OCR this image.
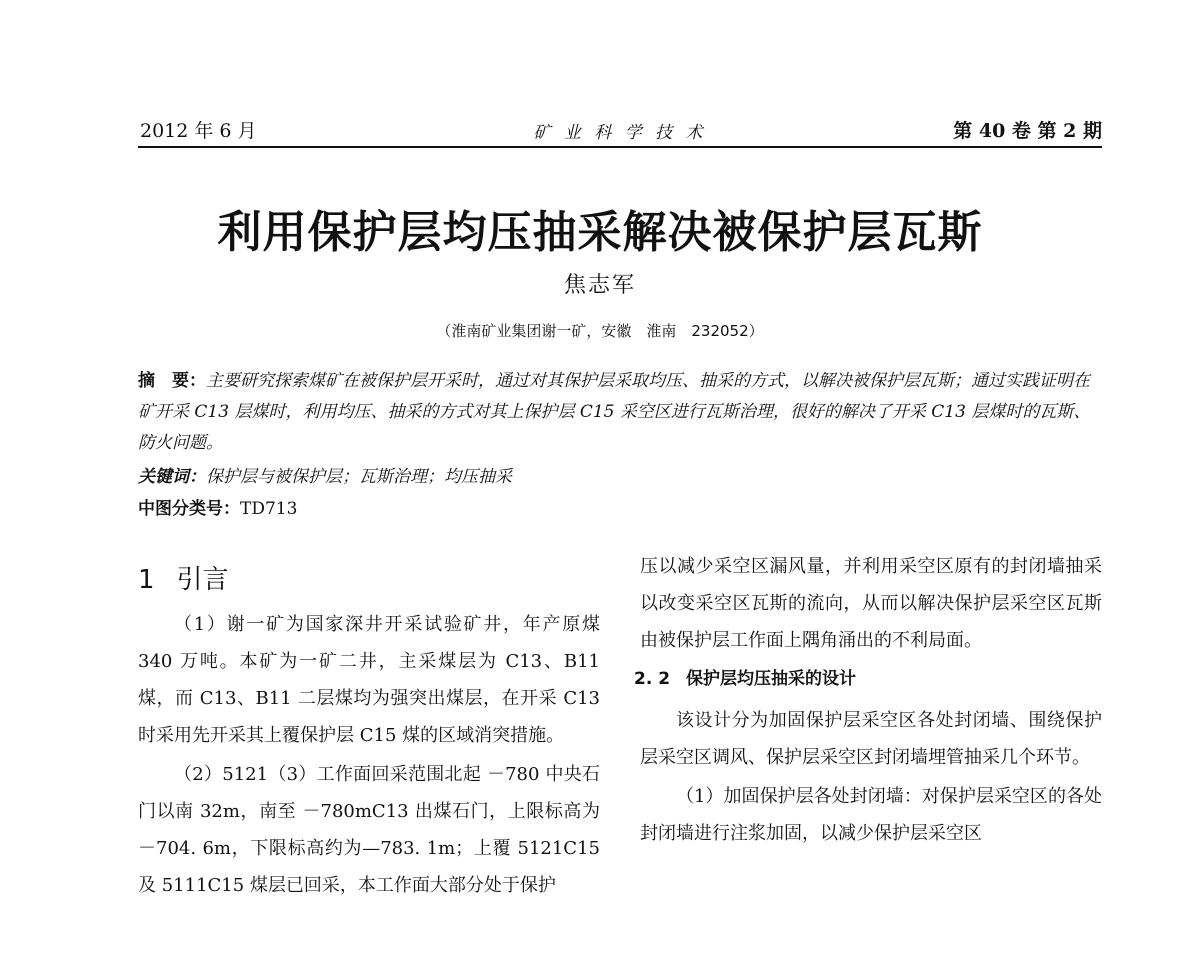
2012 年 6 月	矿 业 科 学 技 术	第 40 卷 第 2 期
利用保护层均压抽采解决被保护层瓦斯
焦志军
（淮南矿业集团谢一矿，安徽　淮南　232052）
摘　要：主要研究探索煤矿在被保护层开采时，通过对其保护层采取均压、抽采的方式，以解决被保护层瓦斯；通过实践证明在矿开采 C13 层煤时，利用均压、抽采的方式对其上保护层 C15 采空区进行瓦斯治理，很好的解决了开采 C13 层煤时的瓦斯、防火问题。
关键词：保护层与被保护层；瓦斯治理；均压抽采
中图分类号：TD713
1 引言

（1）谢一矿为国家深井开采试验矿井，年产原煤 340 万吨。本矿为一矿二井，主采煤层为 C13、B11 煤，而 C13、B11 二层煤均为强突出煤层，在开采 C13 时采用先开采其上覆保护层 C15 煤的区域消突措施。

（2）5121（3）工作面回采范围北起 －780 中央石门以南 32m，南至 －780mC13 出煤石门，上限标高为 －704. 6m，下限标高约为—783. 1m；上覆 5121C15 及 5111C15 煤层已回采，本工作面大部分处于保护

压以减少采空区漏风量，并利用采空区原有的封闭墙抽采以改变采空区瓦斯的流向，从而以解决保护层采空区瓦斯由被保护层工作面上隅角涌出的不利局面。

2. 2 保护层均压抽采的设计

该设计分为加固保护层采空区各处封闭墙、围绕保护层采空区调风、保护层采空区封闭墙埋管抽采几个环节。

（1）加固保护层各处封闭墙：对保护层采空区的各处封闭墙进行注浆加固，以减少保护层采空区
